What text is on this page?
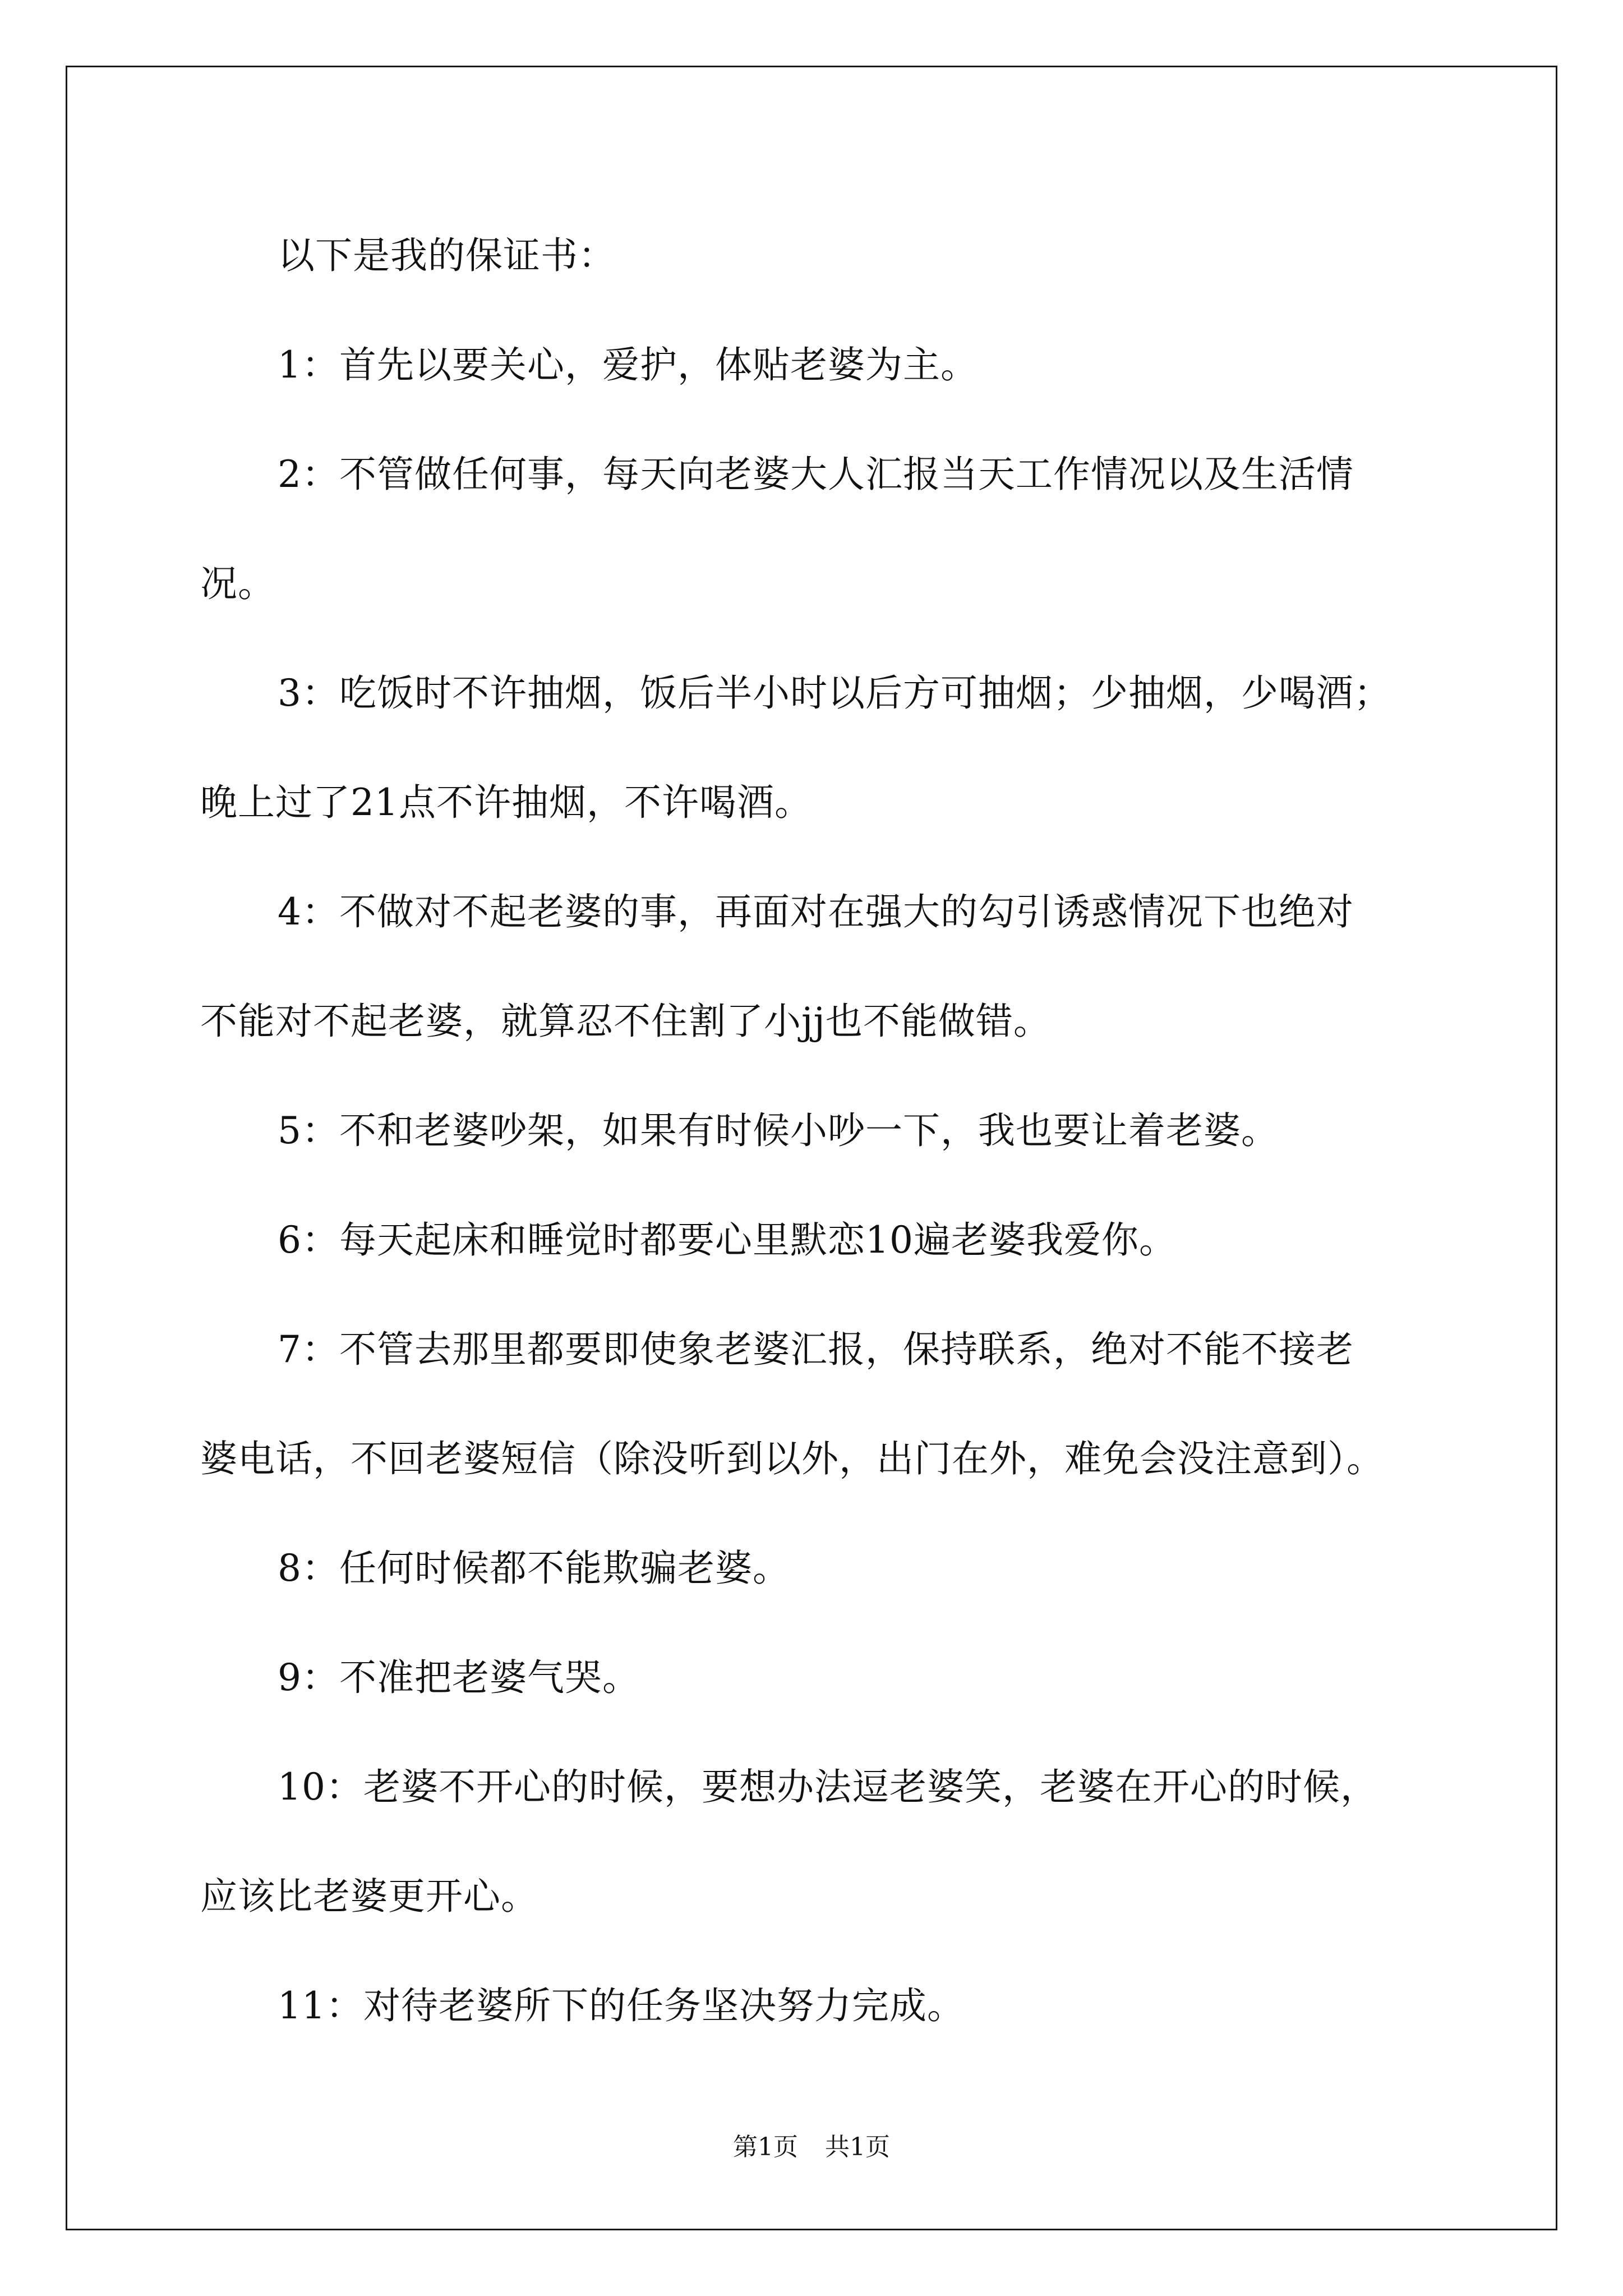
以下是我的保证书：
1：首先以要关心，爱护，体贴老婆为主。
2：不管做任何事，每天向老婆大人汇报当天工作情况以及生活情
况。
3：吃饭时不许抽烟，饭后半小时以后方可抽烟；少抽烟，少喝酒；
晚上过了21点不许抽烟，不许喝酒。
4：不做对不起老婆的事，再面对在强大的勾引诱惑情况下也绝对
不能对不起老婆，就算忍不住割了小jj也不能做错。
5：不和老婆吵架，如果有时候小吵一下，我也要让着老婆。
6：每天起床和睡觉时都要心里默恋10遍老婆我爱你。
7：不管去那里都要即使象老婆汇报，保持联系，绝对不能不接老
婆电话，不回老婆短信（除没听到以外，出门在外，难免会没注意到）。
8：任何时候都不能欺骗老婆。
9：不准把老婆气哭。
10：老婆不开心的时候，要想办法逗老婆笑，老婆在开心的时候，
应该比老婆更开心。
11：对待老婆所下的任务坚决努力完成。
第1页 共1页
